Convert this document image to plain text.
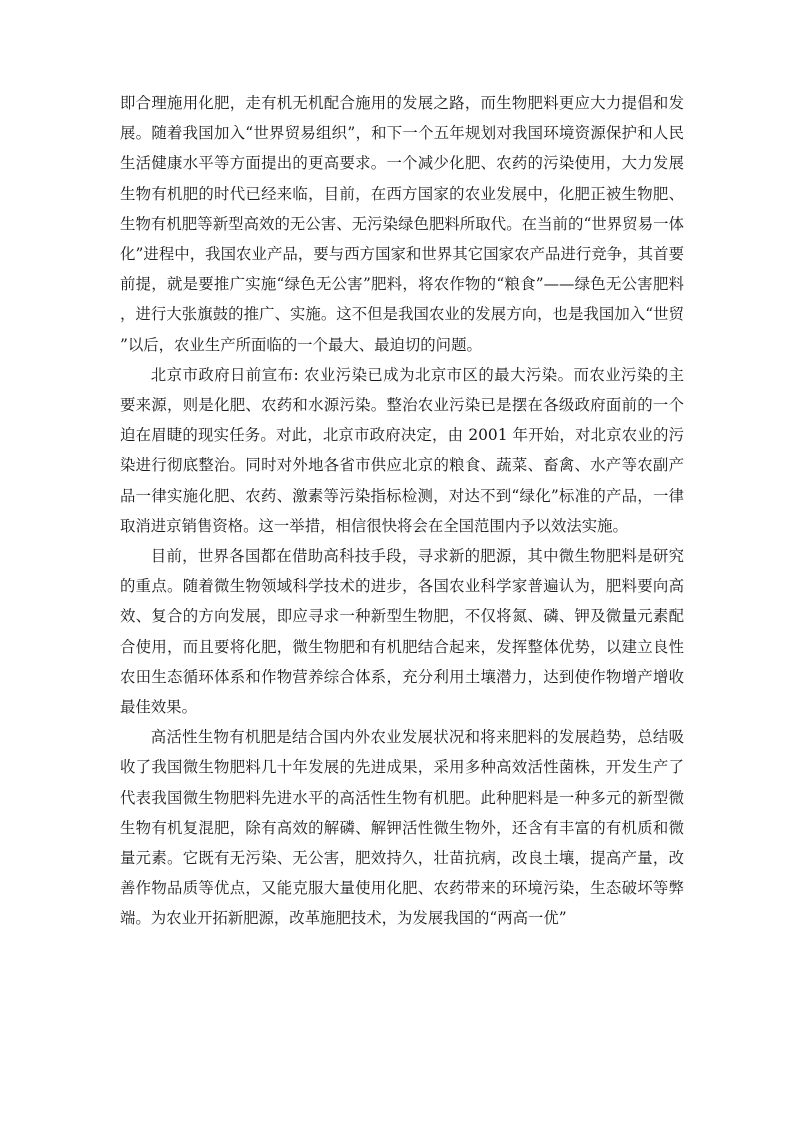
即合理施用化肥，走有机无机配合施用的发展之路，而生物肥料更应大力提倡和发展。随着我国加入“世界贸易组织”，和下一个五年规划对我国环境资源保护和人民生活健康水平等方面提出的更高要求。一个减少化肥、农药的污染使用，大力发展生物有机肥的时代已经来临，目前，在西方国家的农业发展中，化肥正被生物肥、生物有机肥等新型高效的无公害、无污染绿色肥料所取代。在当前的“世界贸易一体化”进程中，我国农业产品，要与西方国家和世界其它国家农产品进行竞争，其首要前提，就是要推广实施“绿色无公害”肥料，将农作物的“粮食”——绿色无公害肥料，进行大张旗鼓的推广、实施。这不但是我国农业的发展方向，也是我国加入“世贸”以后，农业生产所面临的一个最大、最迫切的问题。

北京市政府日前宣布: 农业污染已成为北京市区的最大污染。而农业污染的主要来源，则是化肥、农药和水源污染。整治农业污染已是摆在各级政府面前的一个迫在眉睫的现实任务。对此，北京市政府决定，由 2001 年开始，对北京农业的污染进行彻底整治。同时对外地各省市供应北京的粮食、蔬菜、畜禽、水产等农副产品一律实施化肥、农药、激素等污染指标检测，对达不到“绿化”标准的产品，一律取消进京销售资格。这一举措，相信很快将会在全国范围内予以效法实施。

目前，世界各国都在借助高科技手段，寻求新的肥源，其中微生物肥料是研究的重点。随着微生物领域科学技术的进步，各国农业科学家普遍认为，肥料要向高效、复合的方向发展，即应寻求一种新型生物肥，不仅将氮、磷、钾及微量元素配合使用，而且要将化肥，微生物肥和有机肥结合起来，发挥整体优势，以建立良性农田生态循环体系和作物营养综合体系，充分利用土壤潜力，达到使作物增产增收最佳效果。

高活性生物有机肥是结合国内外农业发展状况和将来肥料的发展趋势，总结吸收了我国微生物肥料几十年发展的先进成果，采用多种高效活性菌株，开发生产了代表我国微生物肥料先进水平的高活性生物有机肥。此种肥料是一种多元的新型微生物有机复混肥，除有高效的解磷、解钾活性微生物外，还含有丰富的有机质和微量元素。它既有无污染、无公害，肥效持久，壮苗抗病，改良土壤，提高产量，改善作物品质等优点，又能克服大量使用化肥、农药带来的环境污染，生态破坏等弊端。为农业开拓新肥源，改革施肥技术，为发展我国的“两高一优”
